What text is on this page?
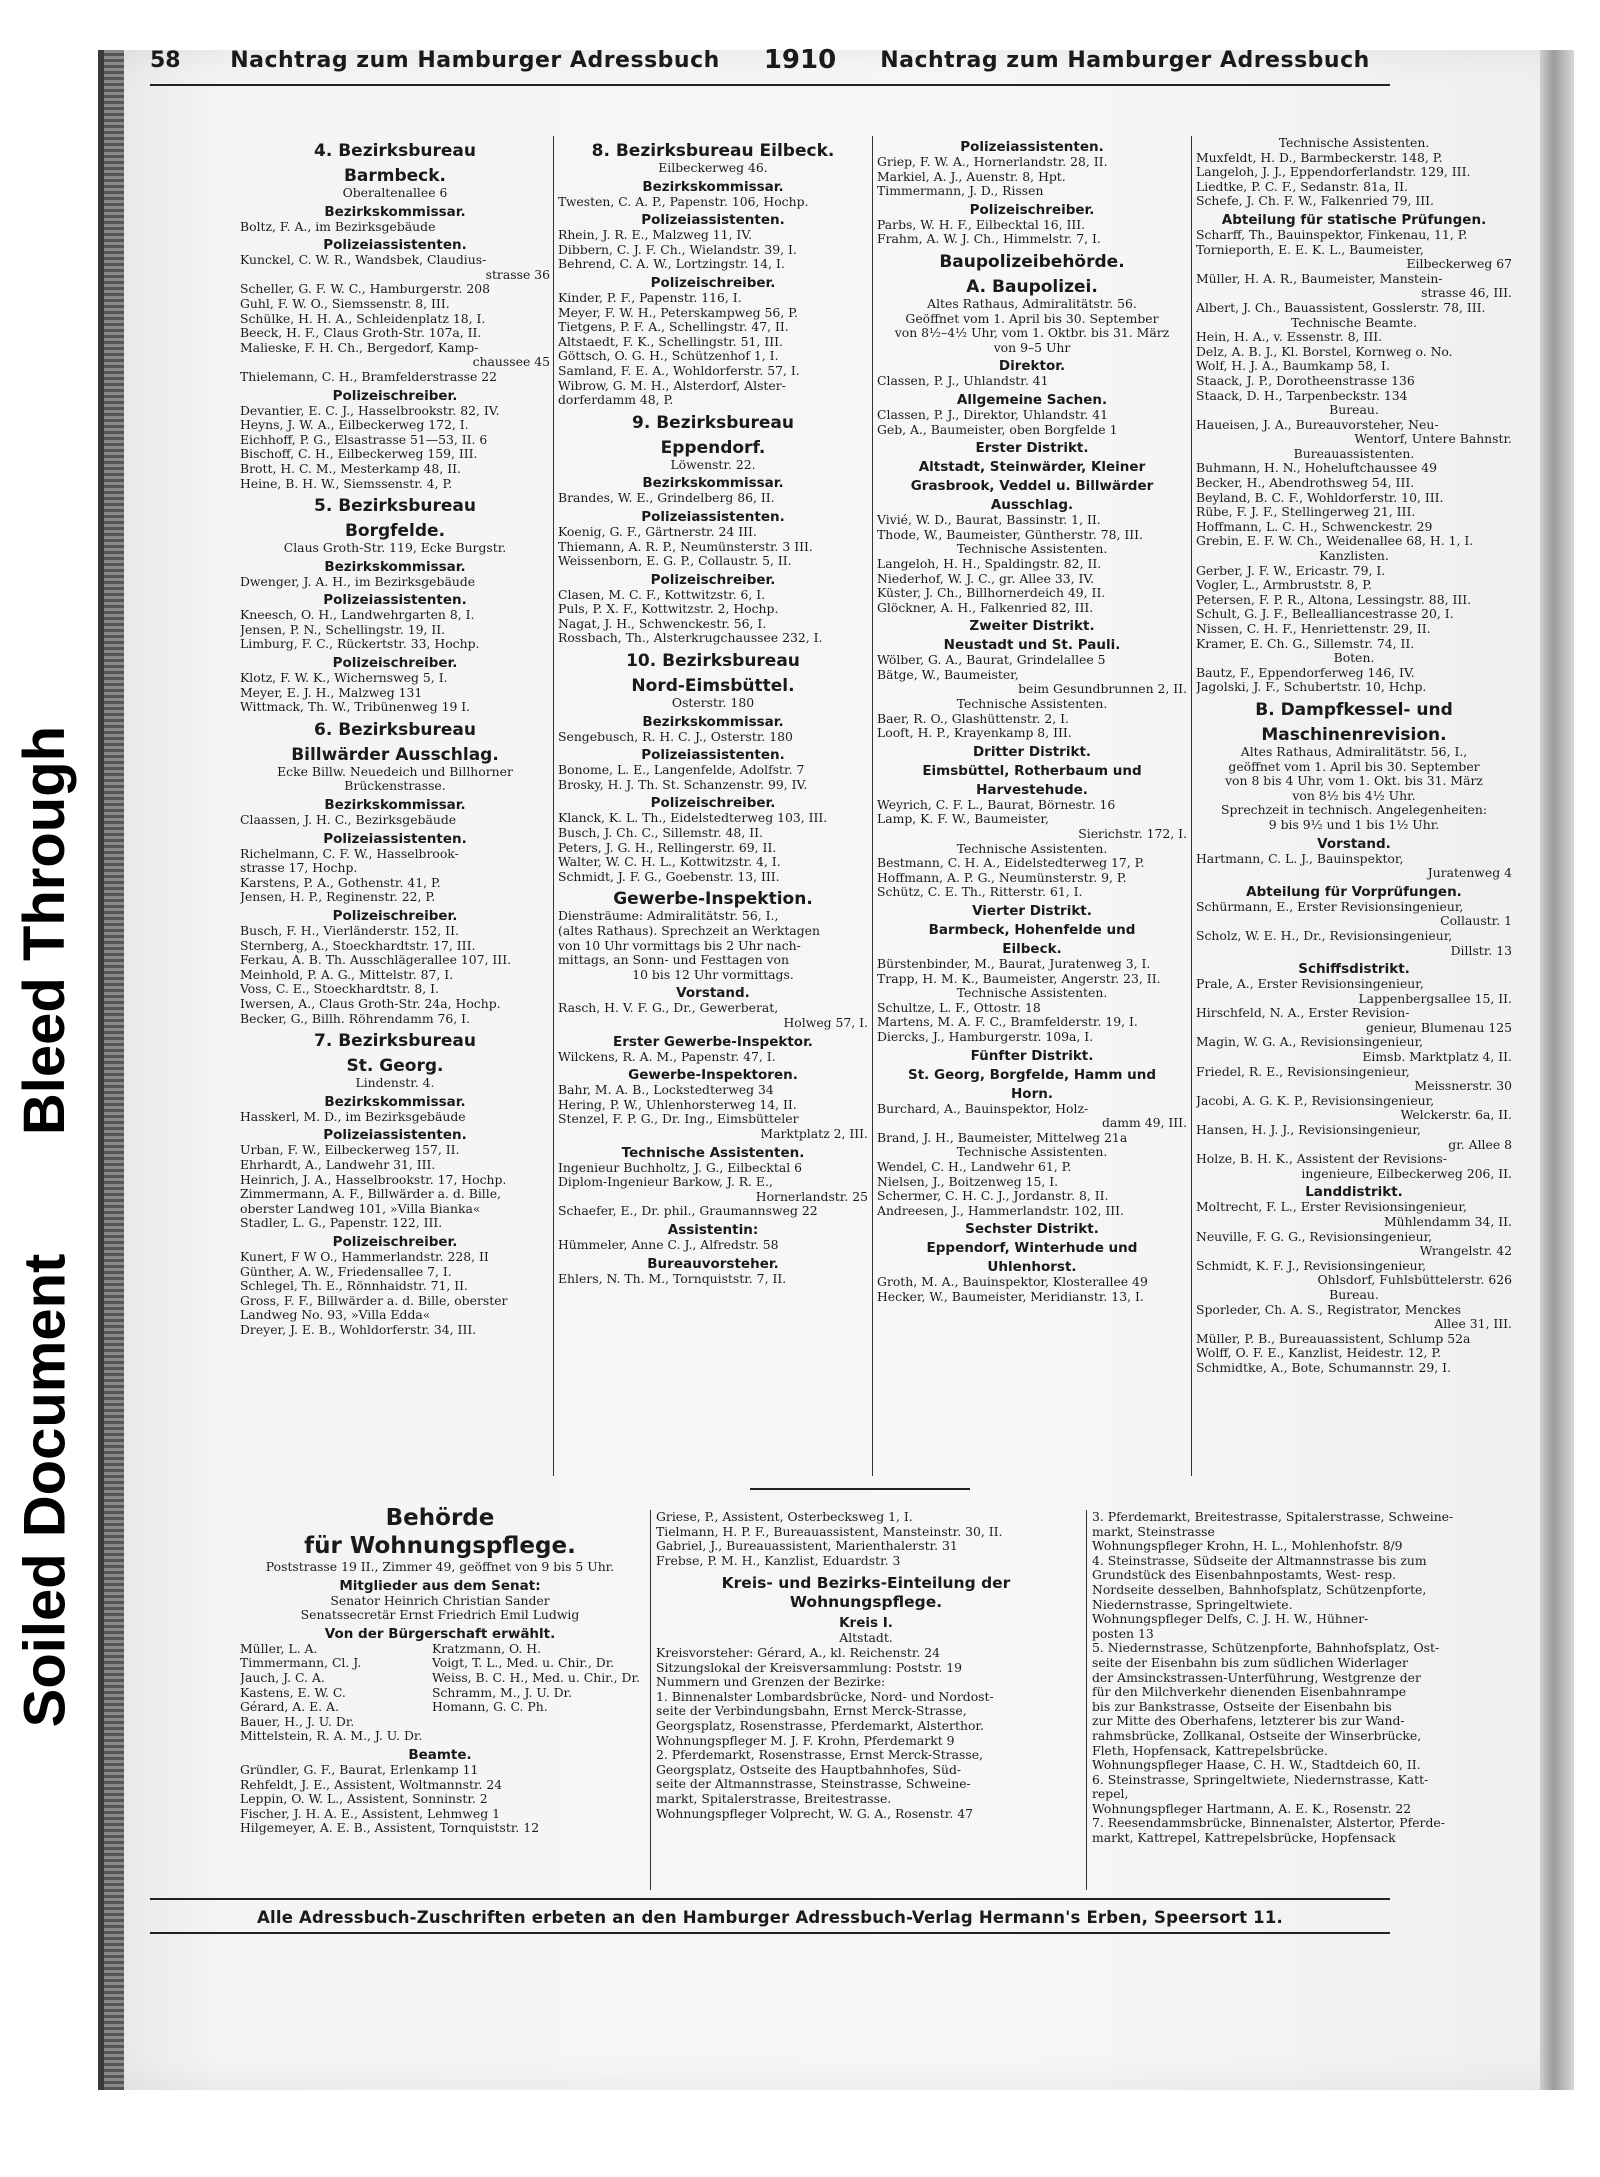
Bleed Through
Soiled Document
58	Nachtrag zum Hamburger Adressbuch	1910	Nachtrag zum Hamburger Adressbuch
4. Bezirksbureau
Barmbeck.
Oberaltenallee 6
Bezirkskommissar.
Boltz, F. A., im Bezirksgebäude
Polizeiassistenten.
Kunckel, C. W. R., Wandsbek, Claudius-
strasse 36
Scheller, G. F. W. C., Hamburgerstr. 208
Guhl, F. W. O., Siemssenstr. 8, III.
Schülke, H. H. A., Schleidenplatz 18, I.
Beeck, H. F., Claus Groth-Str. 107a, II.
Malieske, F. H. Ch., Bergedorf, Kamp-
chaussee 45
Thielemann, C. H., Bramfelderstrasse 22
Polizeischreiber.
Devantier, E. C. J., Hasselbrookstr. 82, IV.
Heyns, J. W. A., Eilbeckerweg 172, I.
Eichhoff, P. G., Elsastrasse 51—53, II. 6
Bischoff, C. H., Eilbeckerweg 159, III.
Brott, H. C. M., Mesterkamp 48, II.
Heine, B. H. W., Siemssenstr. 4, P.
5. Bezirksbureau
Borgfelde.
Claus Groth-Str. 119, Ecke Burgstr.
Bezirkskommissar.
Dwenger, J. A. H., im Bezirksgebäude
Polizeiassistenten.
Kneesch, O. H., Landwehrgarten 8, I.
Jensen, P. N., Schellingstr. 19, II.
Limburg, F. C., Rückertstr. 33, Hochp.
Polizeischreiber.
Klotz, F. W. K., Wichernsweg 5, I.
Meyer, E. J. H., Malzweg 131
Wittmack, Th. W., Tribünenweg 19 I.
6. Bezirksbureau
Billwärder Ausschlag.
Ecke Billw. Neuedeich und Billhorner
Brückenstrasse.
Bezirkskommissar.
Claassen, J. H. C., Bezirksgebäude
Polizeiassistenten.
Richelmann, C. F. W., Hasselbrook-
strasse 17, Hochp.
Karstens, P. A., Gothenstr. 41, P.
Jensen, H. P., Reginenstr. 22, P.
Polizeischreiber.
Busch, F. H., Vierländerstr. 152, II.
Sternberg, A., Stoeckhardtstr. 17, III.
Ferkau, A. B. Th. Ausschlägerallee 107, III.
Meinhold, P. A. G., Mittelstr. 87, I.
Voss, C. E., Stoeckhardtstr. 8, I.
Iwersen, A., Claus Groth-Str. 24a, Hochp.
Becker, G., Billh. Röhrendamm 76, I.
7. Bezirksbureau
St. Georg.
Lindenstr. 4.
Bezirkskommissar.
Hasskerl, M. D., im Bezirksgebäude
Polizeiassistenten.
Urban, F. W., Eilbeckerweg 157, II.
Ehrhardt, A., Landwehr 31, III.
Heinrich, J. A., Hasselbrookstr. 17, Hochp.
Zimmermann, A. F., Billwärder a. d. Bille,
oberster Landweg 101, »Villa Bianka«
Stadler, L. G., Papenstr. 122, III.
Polizeischreiber.
Kunert, F W O., Hammerlandstr. 228, II
Günther, A. W., Friedensallee 7, I.
Schlegel, Th. E., Rönnhaidstr. 71, II.
Gross, F. F., Billwärder a. d. Bille, oberster
Landweg No. 93, »Villa Edda«
Dreyer, J. E. B., Wohldorferstr. 34, III.
8. Bezirksbureau Eilbeck.
Eilbeckerweg 46.
Bezirkskommissar.
Twesten, C. A. P., Papenstr. 106, Hochp.
Polizeiassistenten.
Rhein, J. R. E., Malzweg 11, IV.
Dibbern, C. J. F. Ch., Wielandstr. 39, I.
Behrend, C. A. W., Lortzingstr. 14, I.
Polizeischreiber.
Kinder, P. F., Papenstr. 116, I.
Meyer, F. W. H., Peterskampweg 56, P.
Tietgens, P. F. A., Schellingstr. 47, II.
Altstaedt, F. K., Schellingstr. 51, III.
Göttsch, O. G. H., Schützenhof 1, I.
Samland, F. E. A., Wohldorferstr. 57, I.
Wibrow, G. M. H., Alsterdorf, Alster-
dorferdamm 48, P.
9. Bezirksbureau
Eppendorf.
Löwenstr. 22.
Bezirkskommissar.
Brandes, W. E., Grindelberg 86, II.
Polizeiassistenten.
Koenig, G. F., Gärtnerstr. 24 III.
Thiemann, A. R. P., Neumünsterstr. 3 III.
Weissenborn, E. G. P., Collaustr. 5, II.
Polizeischreiber.
Clasen, M. C. F., Kottwitzstr. 6, I.
Puls, P. X. F., Kottwitzstr. 2, Hochp.
Nagat, J. H., Schwenckestr. 56, I.
Rossbach, Th., Alsterkrugchaussee 232, I.
10. Bezirksbureau
Nord-Eimsbüttel.
Osterstr. 180
Bezirkskommissar.
Sengebusch, R. H. C. J., Osterstr. 180
Polizeiassistenten.
Bonome, L. E., Langenfelde, Adolfstr. 7
Brosky, H. J. Th. St. Schanzenstr. 99, IV.
Polizeischreiber.
Klanck, K. L. Th., Eidelstedterweg 103, III.
Busch, J. Ch. C., Sillemstr. 48, II.
Peters, J. G. H., Rellingerstr. 69, II.
Walter, W. C. H. L., Kottwitzstr. 4, I.
Schmidt, J. F. G., Goebenstr. 13, III.
Gewerbe-Inspektion.
Diensträume: Admiralitätstr. 56, I.,
(altes Rathaus). Sprechzeit an Werktagen
von 10 Uhr vormittags bis 2 Uhr nach-
mittags, an Sonn- und Festtagen von
10 bis 12 Uhr vormittags.
Vorstand.
Rasch, H. V. F. G., Dr., Gewerberat,
Holweg 57, I.
Erster Gewerbe-Inspektor.
Wilckens, R. A. M., Papenstr. 47, I.
Gewerbe-Inspektoren.
Bahr, M. A. B., Lockstedterweg 34
Hering, P. W., Uhlenhorsterweg 14, II.
Stenzel, F. P. G., Dr. Ing., Eimsbütteler
Marktplatz 2, III.
Technische Assistenten.
Ingenieur Buchholtz, J. G., Eilbecktal 6
Diplom-Ingenieur Barkow, J. R. E.,
Hornerlandstr. 25
Schaefer, E., Dr. phil., Graumannsweg 22
Assistentin:
Hümmeler, Anne C. J., Alfredstr. 58
Bureauvorsteher.
Ehlers, N. Th. M., Tornquiststr. 7, II.
Polizeiassistenten.
Griep, F. W. A., Hornerlandstr. 28, II.
Markiel, A. J., Auenstr. 8, Hpt.
Timmermann, J. D., Rissen
Polizeischreiber.
Parbs, W. H. F., Eilbecktal 16, III.
Frahm, A. W. J. Ch., Himmelstr. 7, I.
Baupolizeibehörde.
A. Baupolizei.
Altes Rathaus, Admiralitätstr. 56.
Geöffnet vom 1. April bis 30. September
von 8½–4½ Uhr, vom 1. Oktbr. bis 31. März
von 9–5 Uhr
Direktor.
Classen, P. J., Uhlandstr. 41
Allgemeine Sachen.
Classen, P. J., Direktor, Uhlandstr. 41
Geb, A., Baumeister, oben Borgfelde 1
Erster Distrikt.
Altstadt, Steinwärder, Kleiner
Grasbrook, Veddel u. Billwärder
Ausschlag.
Vivié, W. D., Baurat, Bassinstr. 1, II.
Thode, W., Baumeister, Güntherstr. 78, III.
Technische Assistenten.
Langeloh, H. H., Spaldingstr. 82, II.
Niederhof, W. J. C., gr. Allee 33, IV.
Küster, J. Ch., Billhornerdeich 49, II.
Glöckner, A. H., Falkenried 82, III.
Zweiter Distrikt.
Neustadt und St. Pauli.
Wölber, G. A., Baurat, Grindelallee 5
Bätge, W., Baumeister,
beim Gesundbrunnen 2, II.
Technische Assistenten.
Baer, R. O., Glashüttenstr. 2, I.
Looft, H. P., Krayenkamp 8, III.
Dritter Distrikt.
Eimsbüttel, Rotherbaum und
Harvestehude.
Weyrich, C. F. L., Baurat, Börnestr. 16
Lamp, K. F. W., Baumeister,
Sierichstr. 172, I.
Technische Assistenten.
Bestmann, C. H. A., Eidelstedterweg 17, P.
Hoffmann, A. P. G., Neumünsterstr. 9, P.
Schütz, C. E. Th., Ritterstr. 61, I.
Vierter Distrikt.
Barmbeck, Hohenfelde und
Eilbeck.
Bürstenbinder, M., Baurat, Juratenweg 3, I.
Trapp, H. M. K., Baumeister, Angerstr. 23, II.
Technische Assistenten.
Schultze, L. F., Ottostr. 18
Martens, M. A. F. C., Bramfelderstr. 19, I.
Diercks, J., Hamburgerstr. 109a, I.
Fünfter Distrikt.
St. Georg, Borgfelde, Hamm und
Horn.
Burchard, A., Bauinspektor, Holz-
damm 49, III.
Brand, J. H., Baumeister, Mittelweg 21a
Technische Assistenten.
Wendel, C. H., Landwehr 61, P.
Nielsen, J., Boitzenweg 15, I.
Schermer, C. H. C. J., Jordanstr. 8, II.
Andreesen, J., Hammerlandstr. 102, III.
Sechster Distrikt.
Eppendorf, Winterhude und
Uhlenhorst.
Groth, M. A., Bauinspektor, Klosterallee 49
Hecker, W., Baumeister, Meridianstr. 13, I.
Technische Assistenten.
Muxfeldt, H. D., Barmbeckerstr. 148, P.
Langeloh, J. J., Eppendorferlandstr. 129, III.
Liedtke, P. C. F., Sedanstr. 81a, II.
Schefe, J. Ch. F. W., Falkenried 79, III.
Abteilung für statische Prüfungen.
Scharff, Th., Bauinspektor, Finkenau, 11, P.
Tornieporth, E. E. K. L., Baumeister,
Eilbeckerweg 67
Müller, H. A. R., Baumeister, Manstein-
strasse 46, III.
Albert, J. Ch., Bauassistent, Gosslerstr. 78, III.
Technische Beamte.
Hein, H. A., v. Essenstr. 8, III.
Delz, A. B. J., Kl. Borstel, Kornweg o. No.
Wolf, H. J. A., Baumkamp 58, I.
Staack, J. P., Dorotheenstrasse 136
Staack, D. H., Tarpenbeckstr. 134
Bureau.
Haueisen, J. A., Bureauvorsteher, Neu-
Wentorf, Untere Bahnstr.
Bureauassistenten.
Buhmann, H. N., Hoheluftchaussee 49
Becker, H., Abendrothsweg 54, III.
Beyland, B. C. F., Wohldorferstr. 10, III.
Rübe, F. J. F., Stellingerweg 21, III.
Hoffmann, L. C. H., Schwenckestr. 29
Grebin, E. F. W. Ch., Weidenallee 68, H. 1, I.
Kanzlisten.
Gerber, J. F. W., Ericastr. 79, I.
Vogler, L., Armbruststr. 8, P.
Petersen, F. P. R., Altona, Lessingstr. 88, III.
Schult, G. J. F., Bellealliancestrasse 20, I.
Nissen, C. H. F., Henriettenstr. 29, II.
Kramer, E. Ch. G., Sillemstr. 74, II.
Boten.
Bautz, F., Eppendorferweg 146, IV.
Jagolski, J. F., Schubertstr. 10, Hchp.
B. Dampfkessel- und
Maschinenrevision.
Altes Rathaus, Admiralitätstr. 56, I.,
geöffnet vom 1. April bis 30. September
von 8 bis 4 Uhr, vom 1. Okt. bis 31. März
von 8½ bis 4½ Uhr.
Sprechzeit in technisch. Angelegenheiten:
9 bis 9½ und 1 bis 1½ Uhr.
Vorstand.
Hartmann, C. L. J., Bauinspektor,
Juratenweg 4
Abteilung für Vorprüfungen.
Schürmann, E., Erster Revisionsingenieur,
Collaustr. 1
Scholz, W. E. H., Dr., Revisionsingenieur,
Dillstr. 13
Schiffsdistrikt.
Prale, A., Erster Revisionsingenieur,
Lappenbergsallee 15, II.
Hirschfeld, N. A., Erster Revision-
genieur, Blumenau 125
Magin, W. G. A., Revisionsingenieur,
Eimsb. Marktplatz 4, II.
Friedel, R. E., Revisionsingenieur,
Meissnerstr. 30
Jacobi, A. G. K. P., Revisionsingenieur,
Welckerstr. 6a, II.
Hansen, H. J. J., Revisionsingenieur,
gr. Allee 8
Holze, B. H. K., Assistent der Revisions-
ingenieure, Eilbeckerweg 206, II.
Landdistrikt.
Moltrecht, F. L., Erster Revisionsingenieur,
Mühlendamm 34, II.
Neuville, F. G. G., Revisionsingenieur,
Wrangelstr. 42
Schmidt, K. F. J., Revisionsingenieur,
Ohlsdorf, Fuhlsbüttelerstr. 626
Bureau.
Sporleder, Ch. A. S., Registrator, Menckes
Allee 31, III.
Müller, P. B., Bureauassistent, Schlump 52a
Wolff, O. F. E., Kanzlist, Heidestr. 12, P.
Schmidtke, A., Bote, Schumannstr. 29, I.
Behörde
für Wohnungspflege.
Poststrasse 19 II., Zimmer 49, geöffnet von 9 bis 5 Uhr.
Mitglieder aus dem Senat:
Senator Heinrich Christian Sander
Senatssecretär Ernst Friedrich Emil Ludwig
Von der Bürgerschaft erwählt.
Müller, L. A.
Timmermann, Cl. J.
Jauch, J. C. A.
Kastens, E. W. C.
Gérard, A. E. A.
Bauer, H., J. U. Dr.
Mittelstein, R. A. M., J. U. Dr.
Kratzmann, O. H.
Voigt, T. L., Med. u. Chir., Dr.
Weiss, B. C. H., Med. u. Chir., Dr.
Schramm, M., J. U. Dr.
Homann, G. C. Ph.
Beamte.
Gründler, G. F., Baurat, Erlenkamp 11
Rehfeldt, J. E., Assistent, Woltmannstr. 24
Leppin, O. W. L., Assistent, Sonninstr. 2
Fischer, J. H. A. E., Assistent, Lehmweg 1
Hilgemeyer, A. E. B., Assistent, Tornquiststr. 12
Griese, P., Assistent, Osterbecksweg 1, I.
Tielmann, H. P. F., Bureauassistent, Mansteinstr. 30, II.
Gabriel, J., Bureauassistent, Marienthalerstr. 31
Frebse, P. M. H., Kanzlist, Eduardstr. 3
Kreis- und Bezirks-Einteilung der
Wohnungspflege.
Kreis I.
Altstadt.
Kreisvorsteher: Gérard, A., kl. Reichenstr. 24
Sitzungslokal der Kreisversammlung: Poststr. 19
Nummern und Grenzen der Bezirke:
1. Binnenalster Lombardsbrücke, Nord- und Nordost-
seite der Verbindungsbahn, Ernst Merck-Strasse,
Georgsplatz, Rosenstrasse, Pferdemarkt, Alsterthor.
Wohnungspfleger M. J. F. Krohn, Pferdemarkt 9
2. Pferdemarkt, Rosenstrasse, Ernst Merck-Strasse,
Georgsplatz, Ostseite des Hauptbahnhofes, Süd-
seite der Altmannstrasse, Steinstrasse, Schweine-
markt, Spitalerstrasse, Breitestrasse.
Wohnungspfleger Volprecht, W. G. A., Rosenstr. 47
3. Pferdemarkt, Breitestrasse, Spitalerstrasse, Schweine-
markt, Steinstrasse
Wohnungspfleger Krohn, H. L., Mohlenhofstr. 8/9
4. Steinstrasse, Südseite der Altmannstrasse bis zum
Grundstück des Eisenbahnpostamts, West- resp.
Nordseite desselben, Bahnhofsplatz, Schützenpforte,
Niedernstrasse, Springeltwiete.
Wohnungspfleger Delfs, C. J. H. W., Hühner-
posten 13
5. Niedernstrasse, Schützenpforte, Bahnhofsplatz, Ost-
seite der Eisenbahn bis zum südlichen Widerlager
der Amsinckstrassen-Unterführung, Westgrenze der
für den Milchverkehr dienenden Eisenbahnrampe
bis zur Bankstrasse, Ostseite der Eisenbahn bis
zur Mitte des Oberhafens, letzterer bis zur Wand-
rahmsbrücke, Zollkanal, Ostseite der Winserbrücke,
Fleth, Hopfensack, Kattrepelsbrücke.
Wohnungspfleger Haase, C. H. W., Stadtdeich 60, II.
6. Steinstrasse, Springeltwiete, Niedernstrasse, Katt-
repel,
Wohnungspfleger Hartmann, A. E. K., Rosenstr. 22
7. Reesendammsbrücke, Binnenalster, Alstertor, Pferde-
markt, Kattrepel, Kattrepelsbrücke, Hopfensack
Alle Adressbuch-Zuschriften erbeten an den Hamburger Adressbuch-Verlag Hermann's Erben, Speersort 11.
